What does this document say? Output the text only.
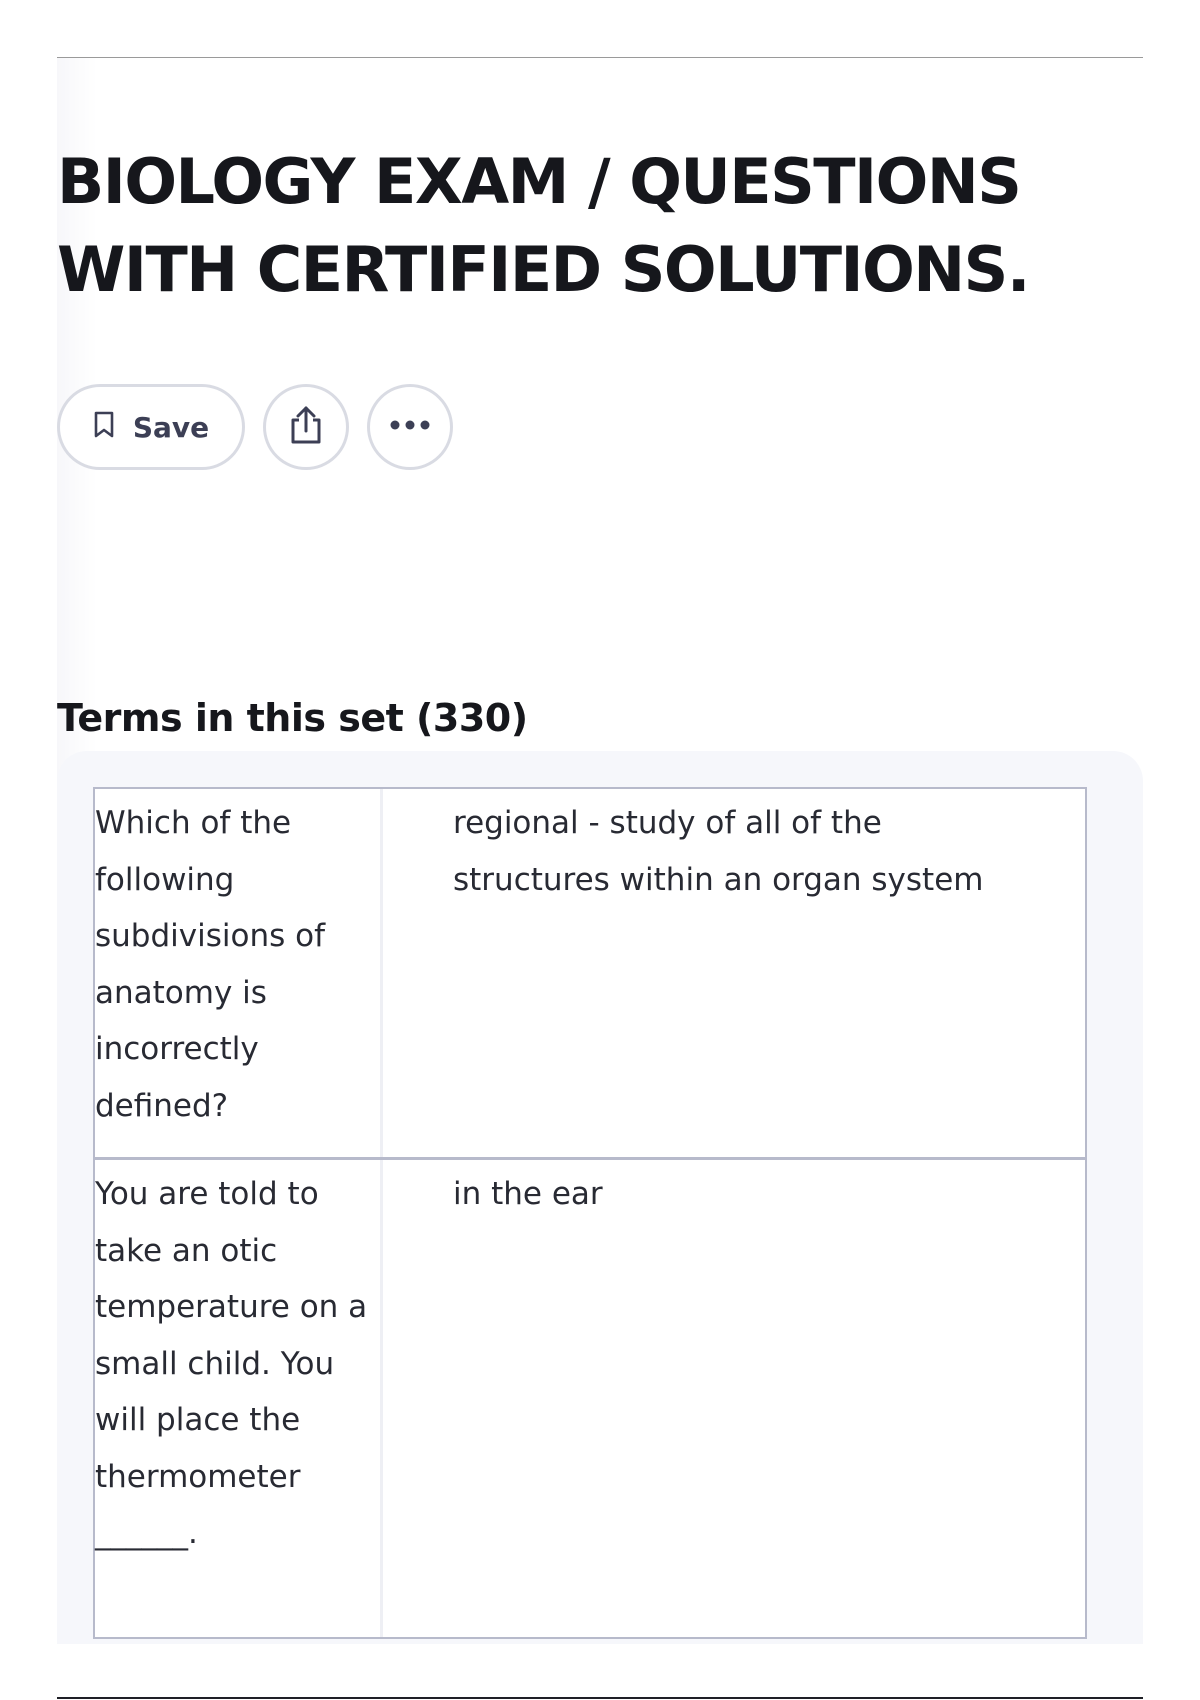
BIOLOGY EXAM / QUESTIONS WITH CERTIFIED SOLUTIONS.
Save
Terms in this set (330)
Which of the following subdivisions of anatomy is incorrectly defined?
regional - study of all of the structures within an organ system
You are told to take an otic temperature on a small child. You will place the thermometer ______.
in the ear
